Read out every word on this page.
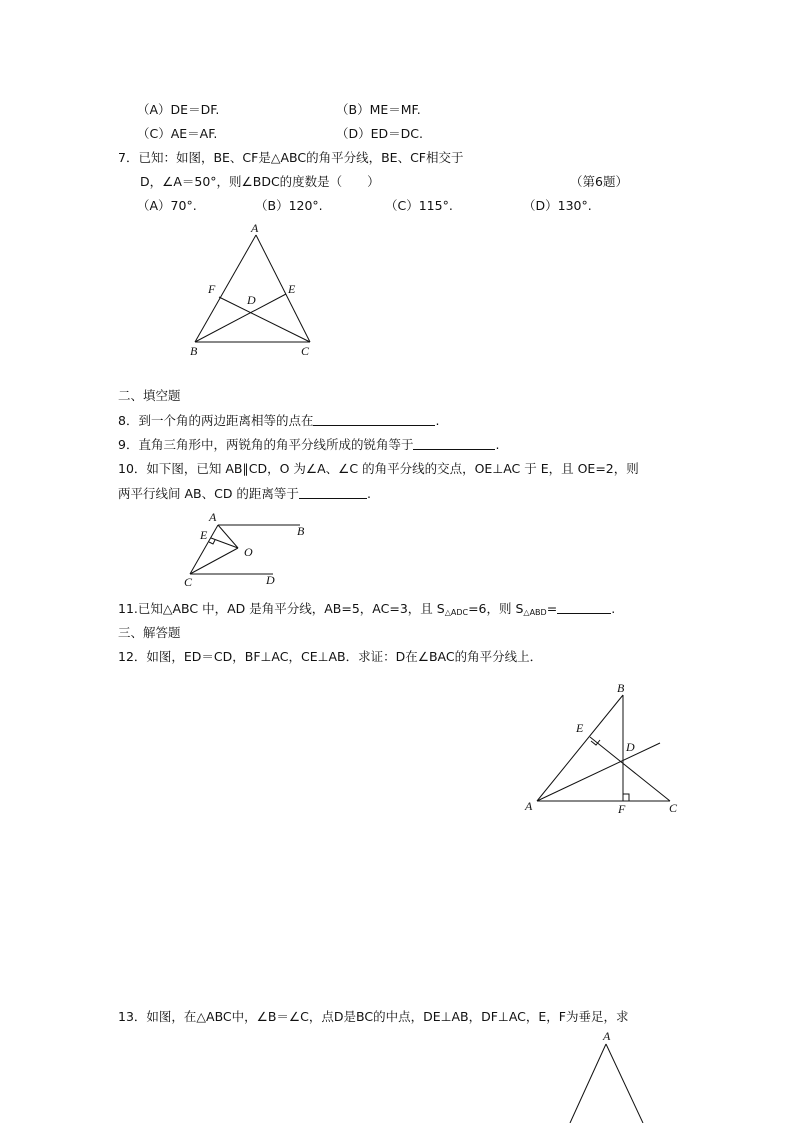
（A）DE＝DF.	（B）ME＝MF.
（C）AE＝AF.	（D）ED＝DC.
7．已知：如图，BE、CF是△ABC的角平分线，BE、CF相交于
D，∠A＝50°，则∠BDC的度数是（　　）	（第6题）
（A）70°.	（B）120°.	（C）115°.	（D）130°.
A
B	C
D
E
F
二、填空题
8．到一个角的两边距离相等的点在	.
9．直角三角形中，两锐角的角平分线所成的锐角等于	.
10．如下图，已知 AB∥CD，O 为∠A、∠C 的角平分线的交点，OE⊥AC 于 E，且 OE=2，则
两平行线间 AB、CD 的距离等于	.
A
B
C	D
E
O
11.已知△ABC 中，AD 是角平分线，AB=5，AC=3，且 $S_{\triangle ADC}=6$，则 $S_{\triangle ABD}=$	.
三、解答题
12．如图，ED＝CD，BF⊥AC，CE⊥AB．求证：D在∠BAC的角平分线上．
B
E
D
A	F	C
13．如图，在△ABC中，∠B＝∠C，点D是BC的中点，DE⊥AB，DF⊥AC，E，F为垂足，求
A
